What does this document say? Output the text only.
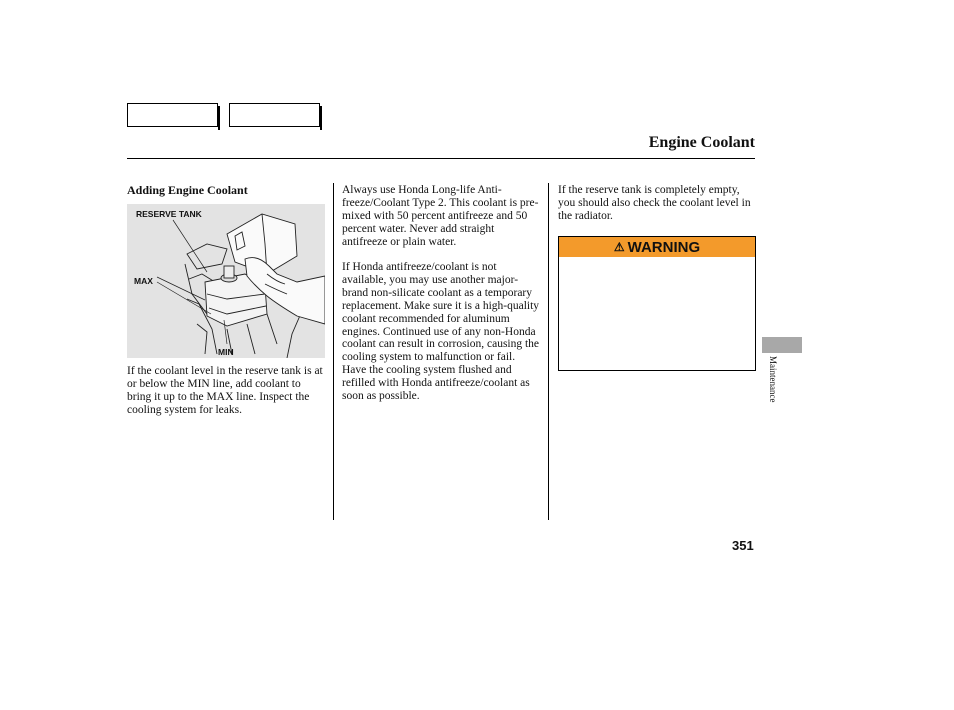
Engine Coolant
Adding Engine Coolant
RESERVE TANK
MAX
MIN

If the coolant level in the reserve tank is at or below the MIN line, add coolant to bring it up to the MAX line. Inspect the cooling system for leaks.

Always use Honda Long-life Anti-freeze/Coolant Type 2. This coolant is pre-mixed with 50 percent antifreeze and 50 percent water. Never add straight antifreeze or plain water.

If Honda antifreeze/coolant is not available, you may use another major-brand non-silicate coolant as a temporary replacement. Make sure it is a high-quality coolant recommended for aluminum engines. Continued use of any non-Honda coolant can result in corrosion, causing the cooling system to malfunction or fail. Have the cooling system flushed and refilled with Honda antifreeze/coolant as soon as possible.

If the reserve tank is completely empty, you should also check the coolant level in the radiator.

⚠ WARNING
Maintenance
351
